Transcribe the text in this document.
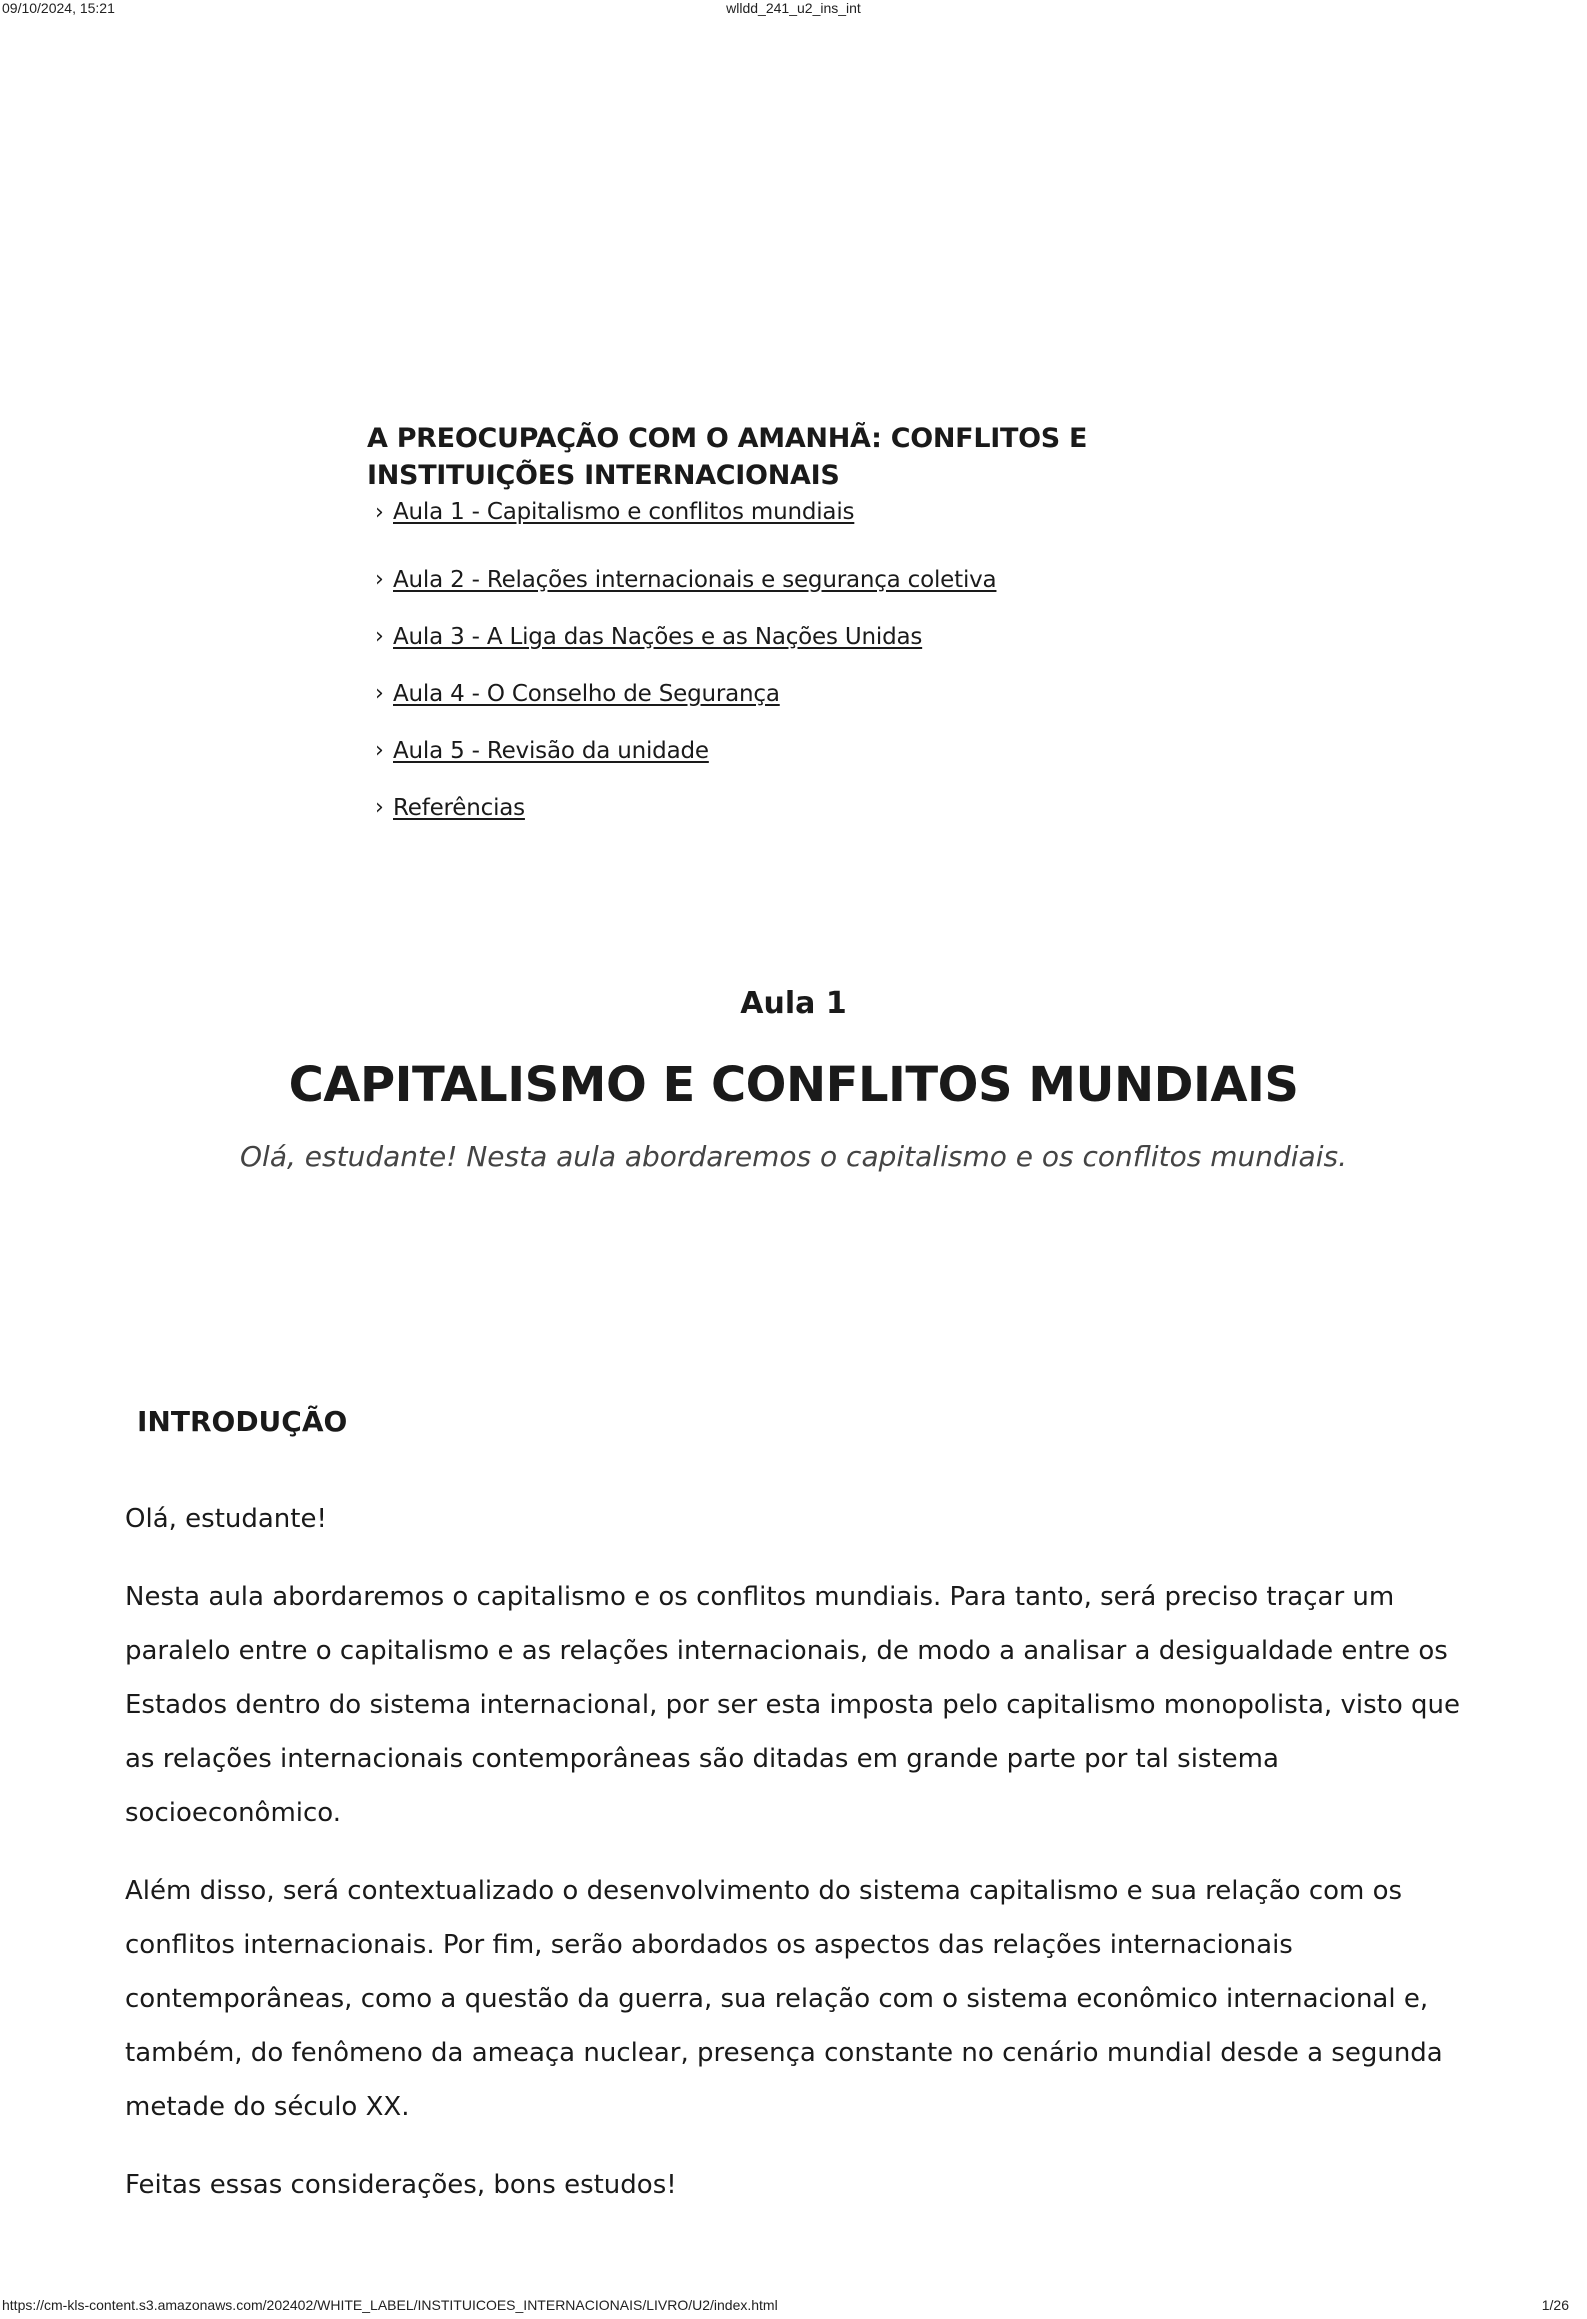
09/10/2024, 15:21	wlldd_241_u2_ins_int
A PREOCUPAÇÃO COM O AMANHÃ: CONFLITOS E
INSTITUIÇÕES INTERNACIONAIS
› Aula 1 - Capitalismo e conflitos mundiais
› Aula 2 - Relações internacionais e segurança coletiva
› Aula 3 - A Liga das Nações e as Nações Unidas
› Aula 4 - O Conselho de Segurança
› Aula 5 - Revisão da unidade
› Referências
Aula 1
CAPITALISMO E CONFLITOS MUNDIAIS
Olá, estudante! Nesta aula abordaremos o capitalismo e os conflitos mundiais.
INTRODUÇÃO

Olá, estudante!

Nesta aula abordaremos o capitalismo e os conflitos mundiais. Para tanto, será preciso traçar um paralelo entre o capitalismo e as relações internacionais, de modo a analisar a desigualdade entre os Estados dentro do sistema internacional, por ser esta imposta pelo capitalismo monopolista, visto que as relações internacionais contemporâneas são ditadas em grande parte por tal sistema socioeconômico.

Além disso, será contextualizado o desenvolvimento do sistema capitalismo e sua relação com os conflitos internacionais. Por fim, serão abordados os aspectos das relações internacionais contemporâneas, como a questão da guerra, sua relação com o sistema econômico internacional e, também, do fenômeno da ameaça nuclear, presença constante no cenário mundial desde a segunda metade do século XX.

Feitas essas considerações, bons estudos!

https://cm-kls-content.s3.amazonaws.com/202402/WHITE_LABEL/INSTITUICOES_INTERNACIONAIS/LIVRO/U2/index.html	1/26
